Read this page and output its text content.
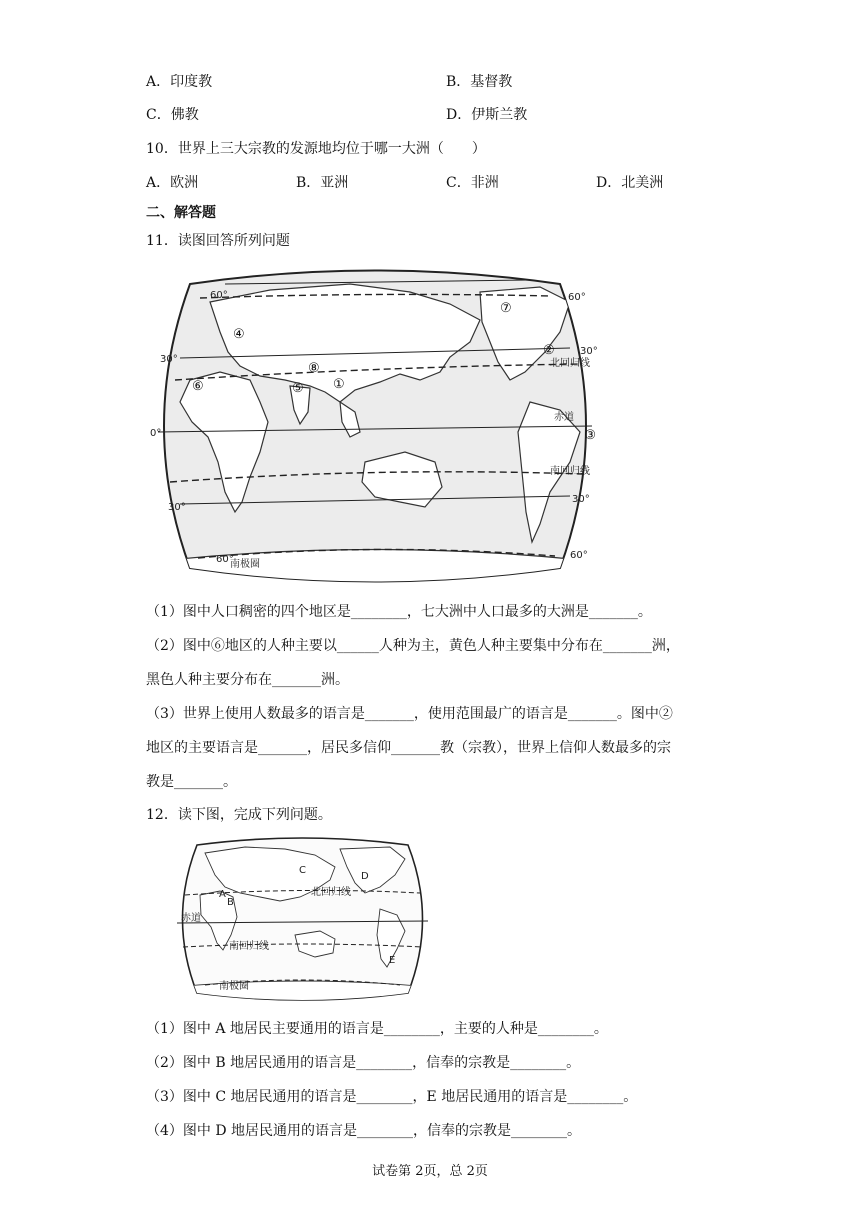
A．印度教	B．基督教
C．佛教	D．伊斯兰教
10．世界上三大宗教的发源地均位于哪一大洲（　　）
A．欧洲	B．亚洲	C．非洲	D．北美洲
二、解答题
11．读图回答所列问题
④
⑧
⑤ ①
⑥
⑦
②
③
30°
0°
30°
60°
60°	60°
30°
30°
60°
北回归线
赤道
南回归线
南极圈
（1）图中人口稠密的四个地区是________，七大洲中人口最多的大洲是_______。
（2）图中⑥地区的人种主要以______人种为主，黄色人种主要集中分布在_______洲，
黑色人种主要分布在_______洲。
（3）世界上使用人数最多的语言是_______，使用范围最广的语言是_______。图中②
地区的主要语言是_______，居民多信仰_______教（宗教），世界上信仰人数最多的宗
教是_______。
12．读下图，完成下列问题。
C
D
A
B
E
北回归线
赤道
南回归线
南极圈
（1）图中 A 地居民主要通用的语言是________，主要的人种是________。
（2）图中 B 地居民通用的语言是________，信奉的宗教是________。
（3）图中 C 地居民通用的语言是________，E 地居民通用的语言是________。
（4）图中 D 地居民通用的语言是________，信奉的宗教是________。
试卷第 2页，总 2页
